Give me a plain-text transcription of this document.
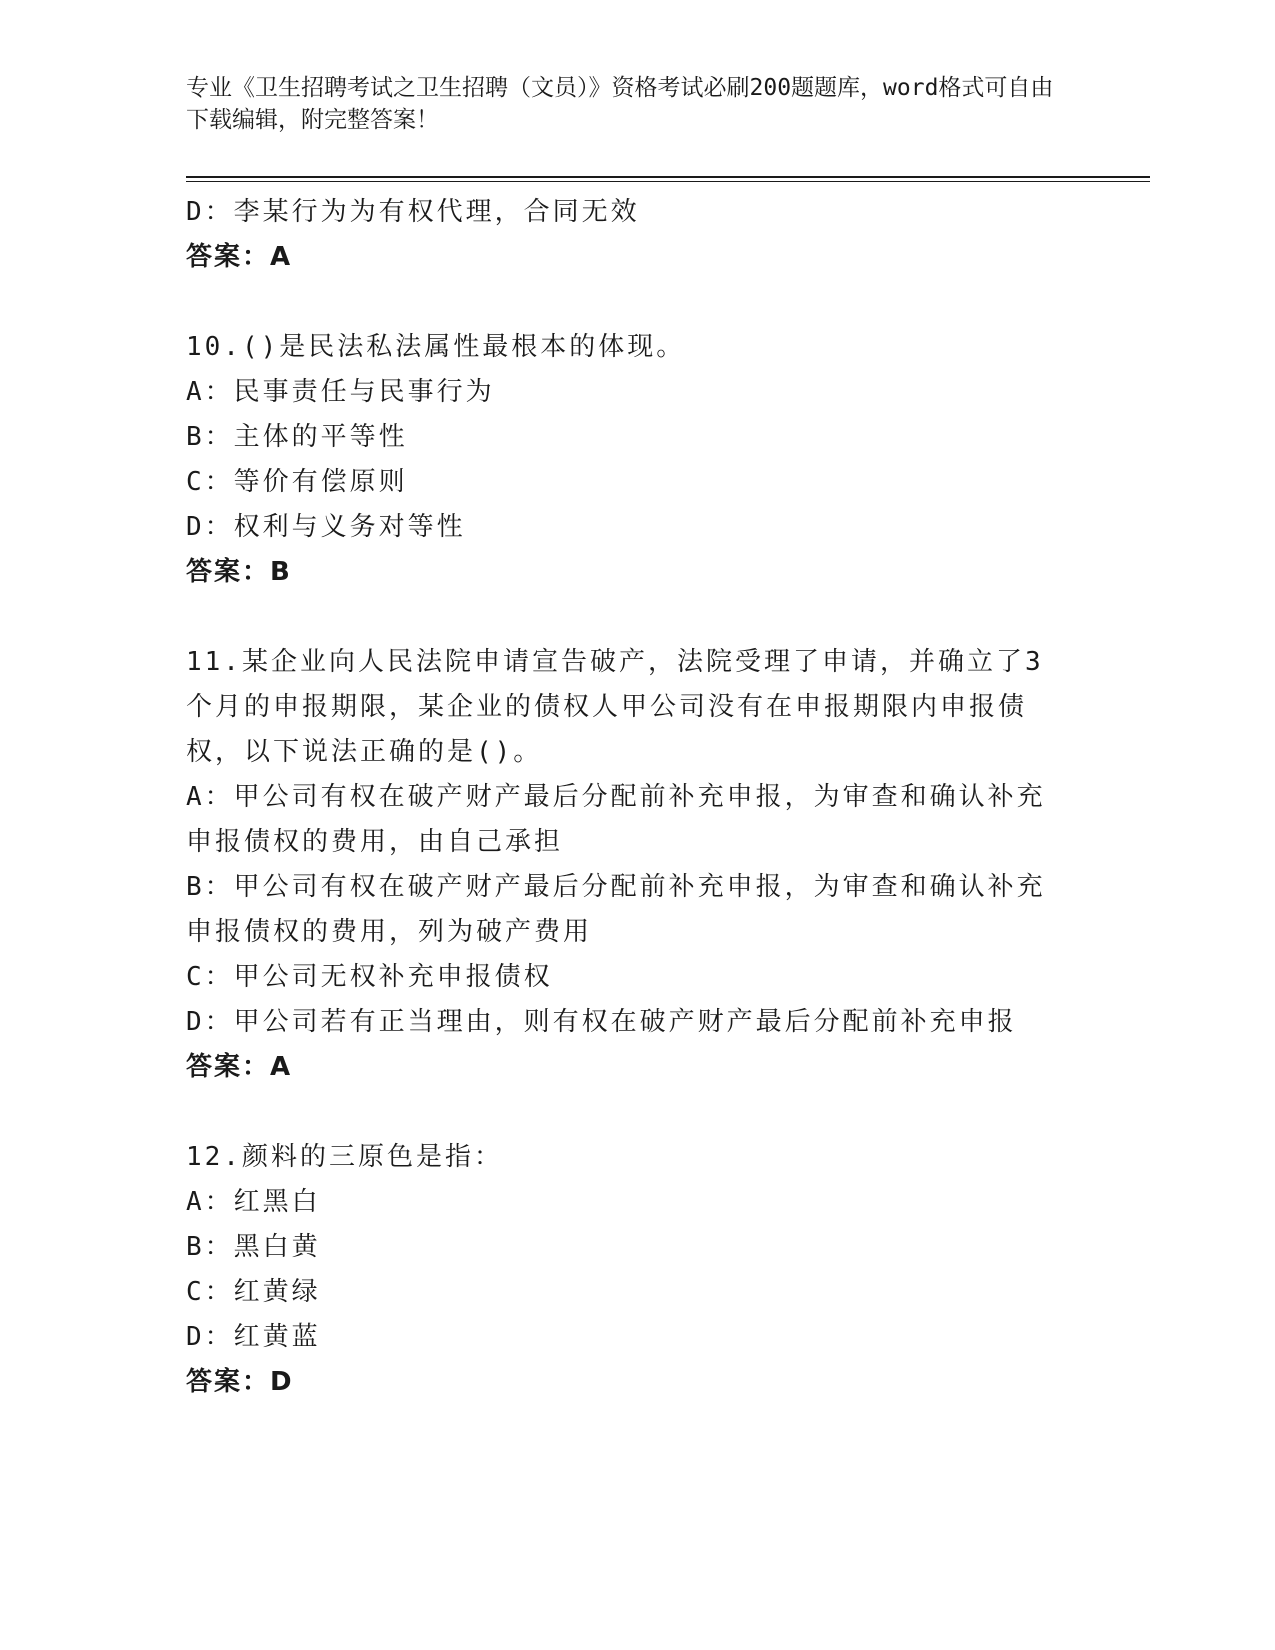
专业《卫生招聘考试之卫生招聘（文员）》资格考试必刷200题题库，word格式可自由下载编辑，附完整答案！

D：李某行为为有权代理，合同无效

答案：A

10.()是民法私法属性最根本的体现。

A：民事责任与民事行为

B：主体的平等性

C：等价有偿原则

D：权利与义务对等性

答案：B

11.某企业向人民法院申请宣告破产，法院受理了申请，并确立了3个月的申报期限，某企业的债权人甲公司没有在申报期限内申报债权，以下说法正确的是()。

A：甲公司有权在破产财产最后分配前补充申报，为审查和确认补充申报债权的费用，由自己承担

B：甲公司有权在破产财产最后分配前补充申报，为审查和确认补充申报债权的费用，列为破产费用

C：甲公司无权补充申报债权

D：甲公司若有正当理由，则有权在破产财产最后分配前补充申报

答案：A

12.颜料的三原色是指：

A：红黑白

B：黑白黄

C：红黄绿

D：红黄蓝

答案：D
